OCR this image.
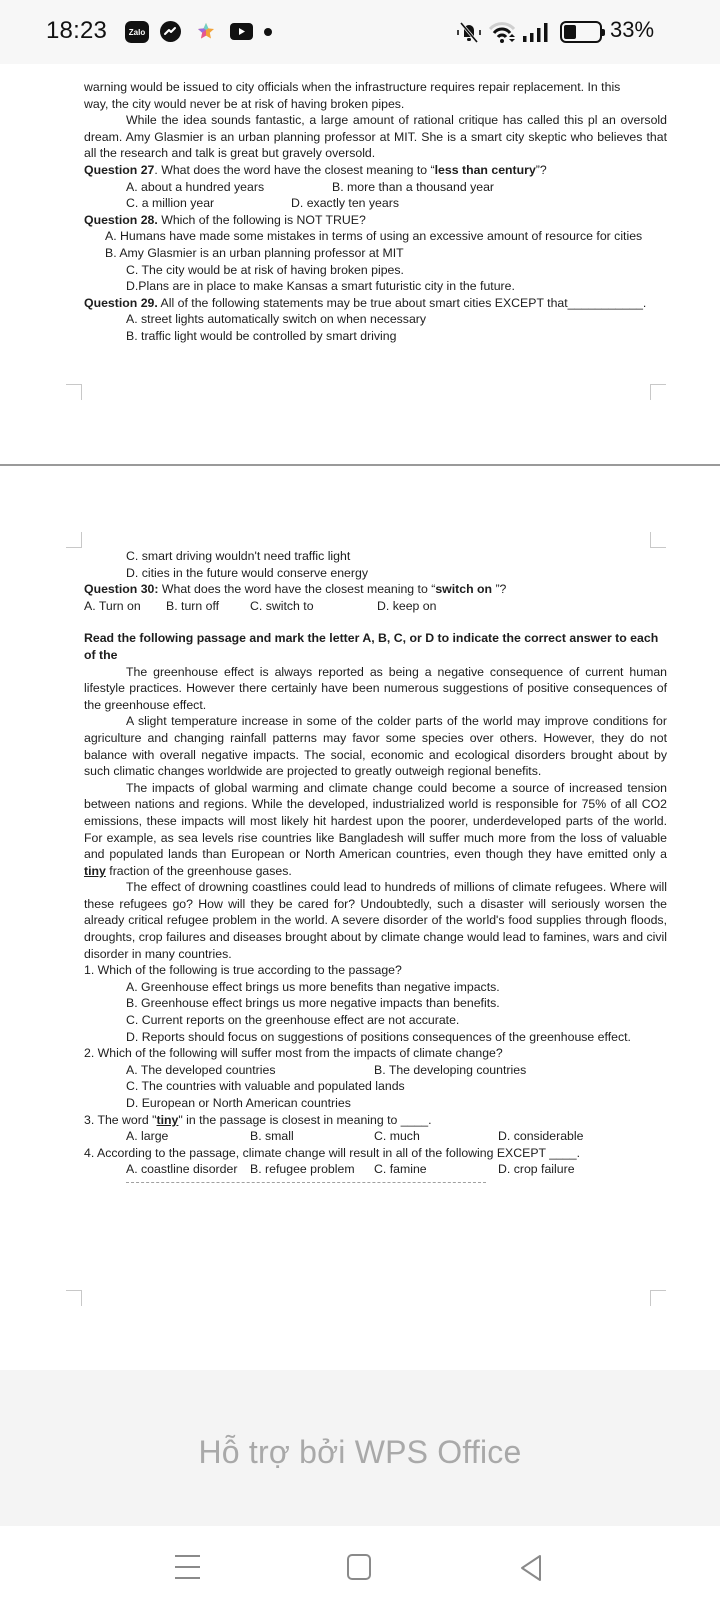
18:23	Zalo	33%
warning would be issued to city officials when the infrastructure requires repair replacement. In this
way, the city would never be at risk of having broken pipes.
While the idea sounds fantastic, a large amount of rational critique has called this pl an oversold dream. Amy Glasmier is an urban planning professor at MIT. She is a smart city skeptic who believes that all the research and talk is great but gravely oversold.
Question 27. What does the word have the closest meaning to “less than century”?
A. about a hundred years	B. more than a thousand year
C. a million year	D. exactly ten years
Question 28. Which of the following is NOT TRUE?
A. Humans have made some mistakes in terms of using an excessive amount of resource for cities
B. Amy Glasmier is an urban planning professor at MIT
C. The city would be at risk of having broken pipes.
D.Plans are in place to make Kansas a smart futuristic city in the future.
Question 29. All of the following statements may be true about smart cities EXCEPT that___________.
A. street lights automatically switch on when necessary
B. traffic light would be controlled by smart driving
C. smart driving wouldn't need traffic light
D. cities in the future would conserve energy
Question 30: What does the word have the closest meaning to “switch on ”?
A. Turn on	B. turn off	C. switch to	D. keep on
Read the following passage and mark the letter A, B, C, or D to indicate the correct answer to each of the
The greenhouse effect is always reported as being a negative consequence of current human lifestyle practices. However there certainly have been numerous suggestions of positive consequences of the greenhouse effect.
A slight temperature increase in some of the colder parts of the world may improve conditions for agriculture and changing rainfall patterns may favor some species over others. However, they do not balance with overall negative impacts. The social, economic and ecological disorders brought about by such climatic changes worldwide are projected to greatly outweigh regional benefits.
The impacts of global warming and climate change could become a source of increased tension between nations and regions. While the developed, industrialized world is responsible for 75% of all CO2 emissions, these impacts will most likely hit hardest upon the poorer, underdeveloped parts of the world. For example, as sea levels rise countries like Bangladesh will suffer much more from the loss of valuable and populated lands than European or North American countries, even though they have emitted only a tiny fraction of the greenhouse gases.
The effect of drowning coastlines could lead to hundreds of millions of climate refugees. Where will these refugees go? How will they be cared for? Undoubtedly, such a disaster will seriously worsen the already critical refugee problem in the world. A severe disorder of the world's food supplies through floods, droughts, crop failures and diseases brought about by climate change would lead to famines, wars and civil disorder in many countries.
1. Which of the following is true according to the passage?
A. Greenhouse effect brings us more benefits than negative impacts.
B. Greenhouse effect brings us more negative impacts than benefits.
C. Current reports on the greenhouse effect are not accurate.
D. Reports should focus on suggestions of positions consequences of the greenhouse effect.
2. Which of the following will suffer most from the impacts of climate change?
A. The developed countries	B. The developing countries
C. The countries with valuable and populated lands
D. European or North American countries
3. The word "tiny" in the passage is closest in meaning to ____.
A. large	B. small	C. much	D. considerable
4. According to the passage, climate change will result in all of the following EXCEPT ____.
A. coastline disorder	B. refugee problem	C. famine	D. crop failure
Hỗ trợ bởi WPS Office
